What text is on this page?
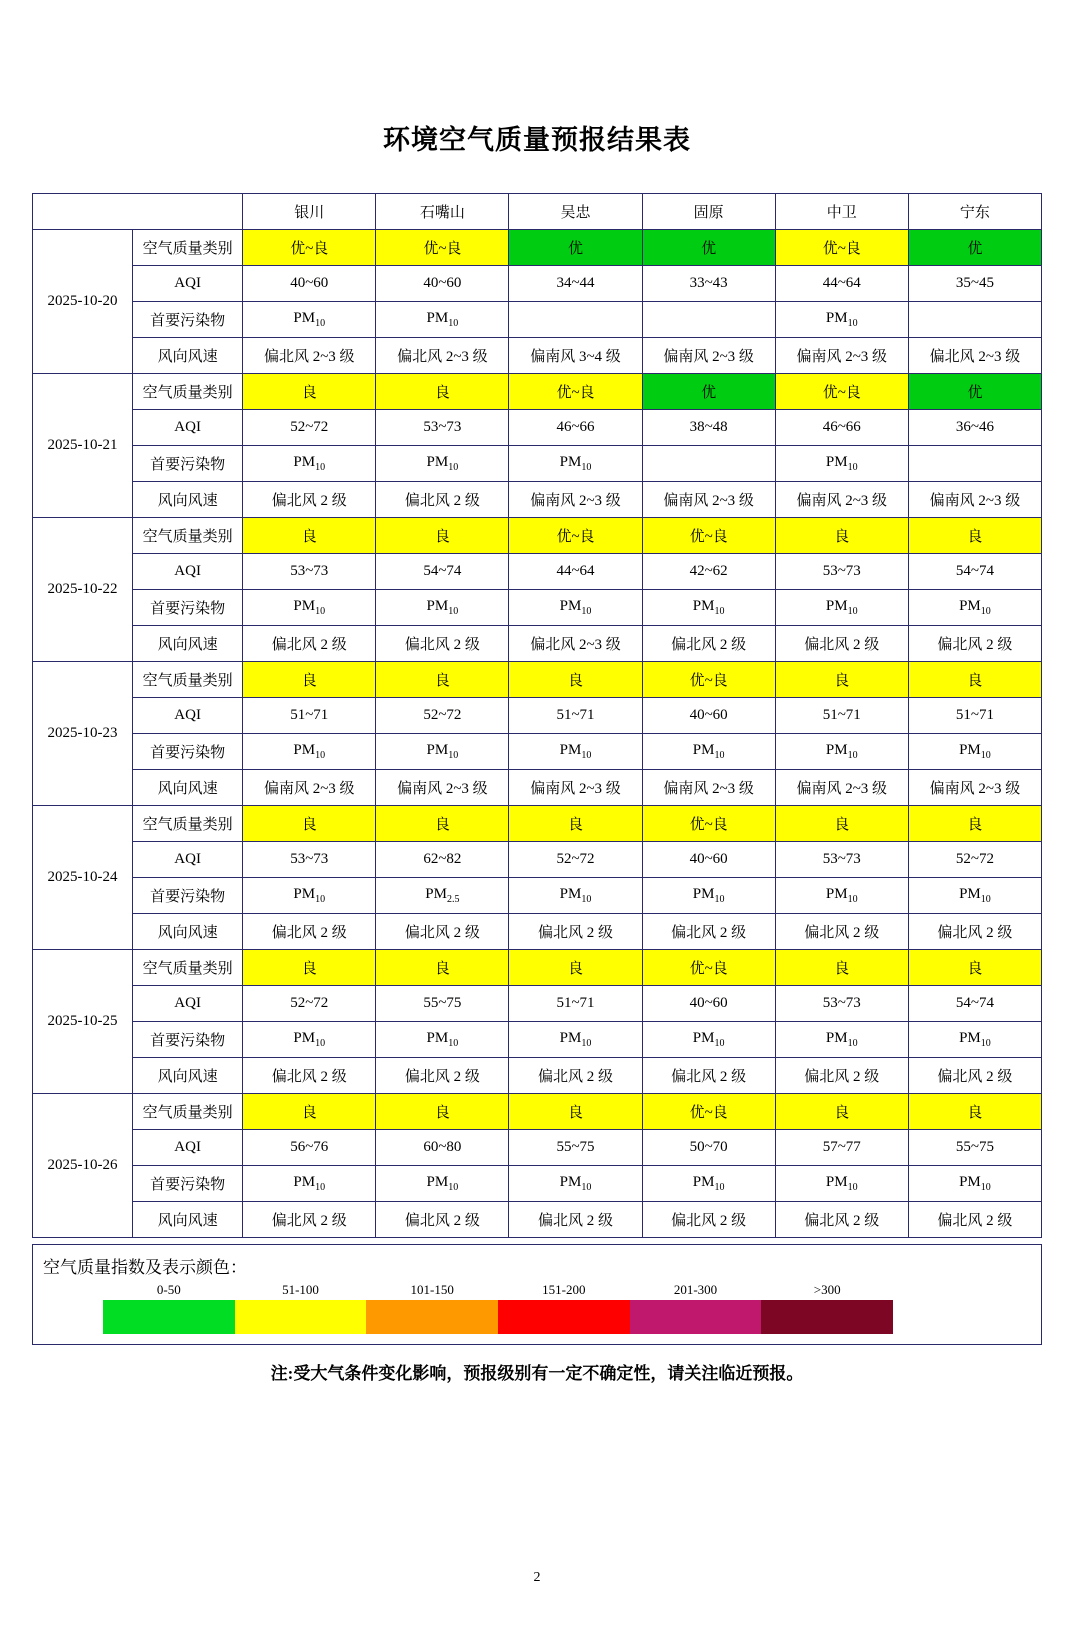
环境空气质量预报结果表
		银川	石嘴山	吴忠	固原	中卫	宁东
2025-10-20	空气质量类别	优~良	优~良	优	优	优~良	优
	AQI	40~60	40~60	34~44	33~43	44~64	35~45
	首要污染物	$PM_{10}$	$PM_{10}$			$PM_{10}$	
	风向风速	偏北风 2~3 级	偏北风 2~3 级	偏南风 3~4 级	偏南风 2~3 级	偏南风 2~3 级	偏北风 2~3 级
2025-10-21	空气质量类别	良	良	优~良	优	优~良	优
	AQI	52~72	53~73	46~66	38~48	46~66	36~46
	首要污染物	$PM_{10}$	$PM_{10}$	$PM_{10}$		$PM_{10}$	
	风向风速	偏北风 2 级	偏北风 2 级	偏南风 2~3 级	偏南风 2~3 级	偏南风 2~3 级	偏南风 2~3 级
2025-10-22	空气质量类别	良	良	优~良	优~良	良	良
	AQI	53~73	54~74	44~64	42~62	53~73	54~74
	首要污染物	$PM_{10}$	$PM_{10}$	$PM_{10}$	$PM_{10}$	$PM_{10}$	$PM_{10}$
	风向风速	偏北风 2 级	偏北风 2 级	偏北风 2~3 级	偏北风 2 级	偏北风 2 级	偏北风 2 级
2025-10-23	空气质量类别	良	良	良	优~良	良	良
	AQI	51~71	52~72	51~71	40~60	51~71	51~71
	首要污染物	$PM_{10}$	$PM_{10}$	$PM_{10}$	$PM_{10}$	$PM_{10}$	$PM_{10}$
	风向风速	偏南风 2~3 级	偏南风 2~3 级	偏南风 2~3 级	偏南风 2~3 级	偏南风 2~3 级	偏南风 2~3 级
2025-10-24	空气质量类别	良	良	良	优~良	良	良
	AQI	53~73	62~82	52~72	40~60	53~73	52~72
	首要污染物	$PM_{10}$	$PM_{2.5}$	$PM_{10}$	$PM_{10}$	$PM_{10}$	$PM_{10}$
	风向风速	偏北风 2 级	偏北风 2 级	偏北风 2 级	偏北风 2 级	偏北风 2 级	偏北风 2 级
2025-10-25	空气质量类别	良	良	良	优~良	良	良
	AQI	52~72	55~75	51~71	40~60	53~73	54~74
	首要污染物	$PM_{10}$	$PM_{10}$	$PM_{10}$	$PM_{10}$	$PM_{10}$	$PM_{10}$
	风向风速	偏北风 2 级	偏北风 2 级	偏北风 2 级	偏北风 2 级	偏北风 2 级	偏北风 2 级
2025-10-26	空气质量类别	良	良	良	优~良	良	良
	AQI	56~76	60~80	55~75	50~70	57~77	55~75
	首要污染物	$PM_{10}$	$PM_{10}$	$PM_{10}$	$PM_{10}$	$PM_{10}$	$PM_{10}$
	风向风速	偏北风 2 级	偏北风 2 级	偏北风 2 级	偏北风 2 级	偏北风 2 级	偏北风 2 级
空气质量指数及表示颜色：
0-50	51-100	101-150	151-200	201-300	>300
注:受大气条件变化影响，预报级别有一定不确定性，请关注临近预报。
2
